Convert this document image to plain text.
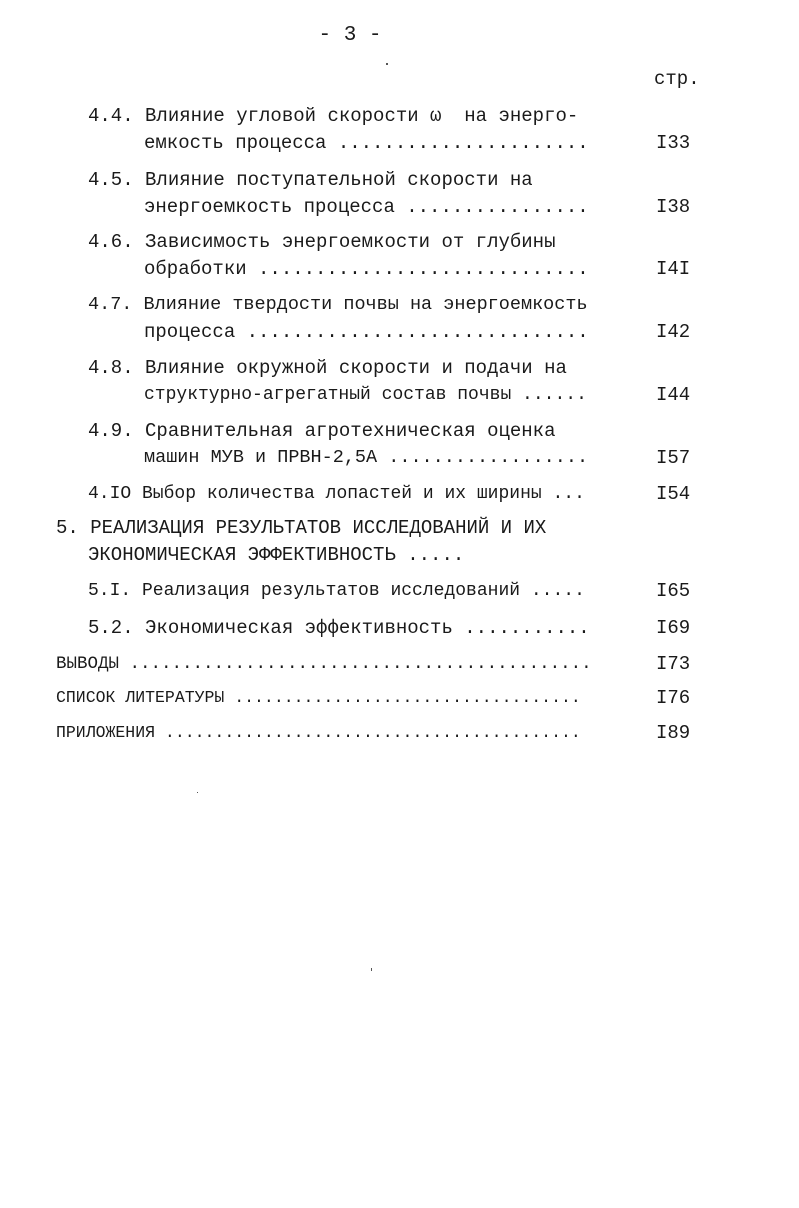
- 3 -
стр.
4.4. Влияние угловой скорости ω  на энерго-
емкость процесса ......................	I33
4.5. Влияние поступательной скорости на
энергоемкость процесса ................	I38
4.6. Зависимость энергоемкости от глубины
обработки .............................	I4I
4.7. Влияние твердости почвы на энергоемкость
процесса ..............................	I42
4.8. Влияние окружной скорости и подачи на
структурно-агрегатный состав почвы ......	I44
4.9. Сравнительная агротехническая оценка
машин МУВ и ПРВН-2,5А ..................	I57
4.IO Выбор количества лопастей и их ширины ...	I54
5. РЕАЛИЗАЦИЯ РЕЗУЛЬТАТОВ ИССЛЕДОВАНИЙ И ИХ
ЭКОНОМИЧЕСКАЯ ЭФФЕКТИВНОСТЬ .....
5.I. Реализация результатов исследований .....	I65
5.2. Экономическая эффективность ...........	I69
ВЫВОДЫ ............................................	I73
СПИСОК ЛИТЕРАТУРЫ ...................................	I76
ПРИЛОЖЕНИЯ ..........................................	I89
